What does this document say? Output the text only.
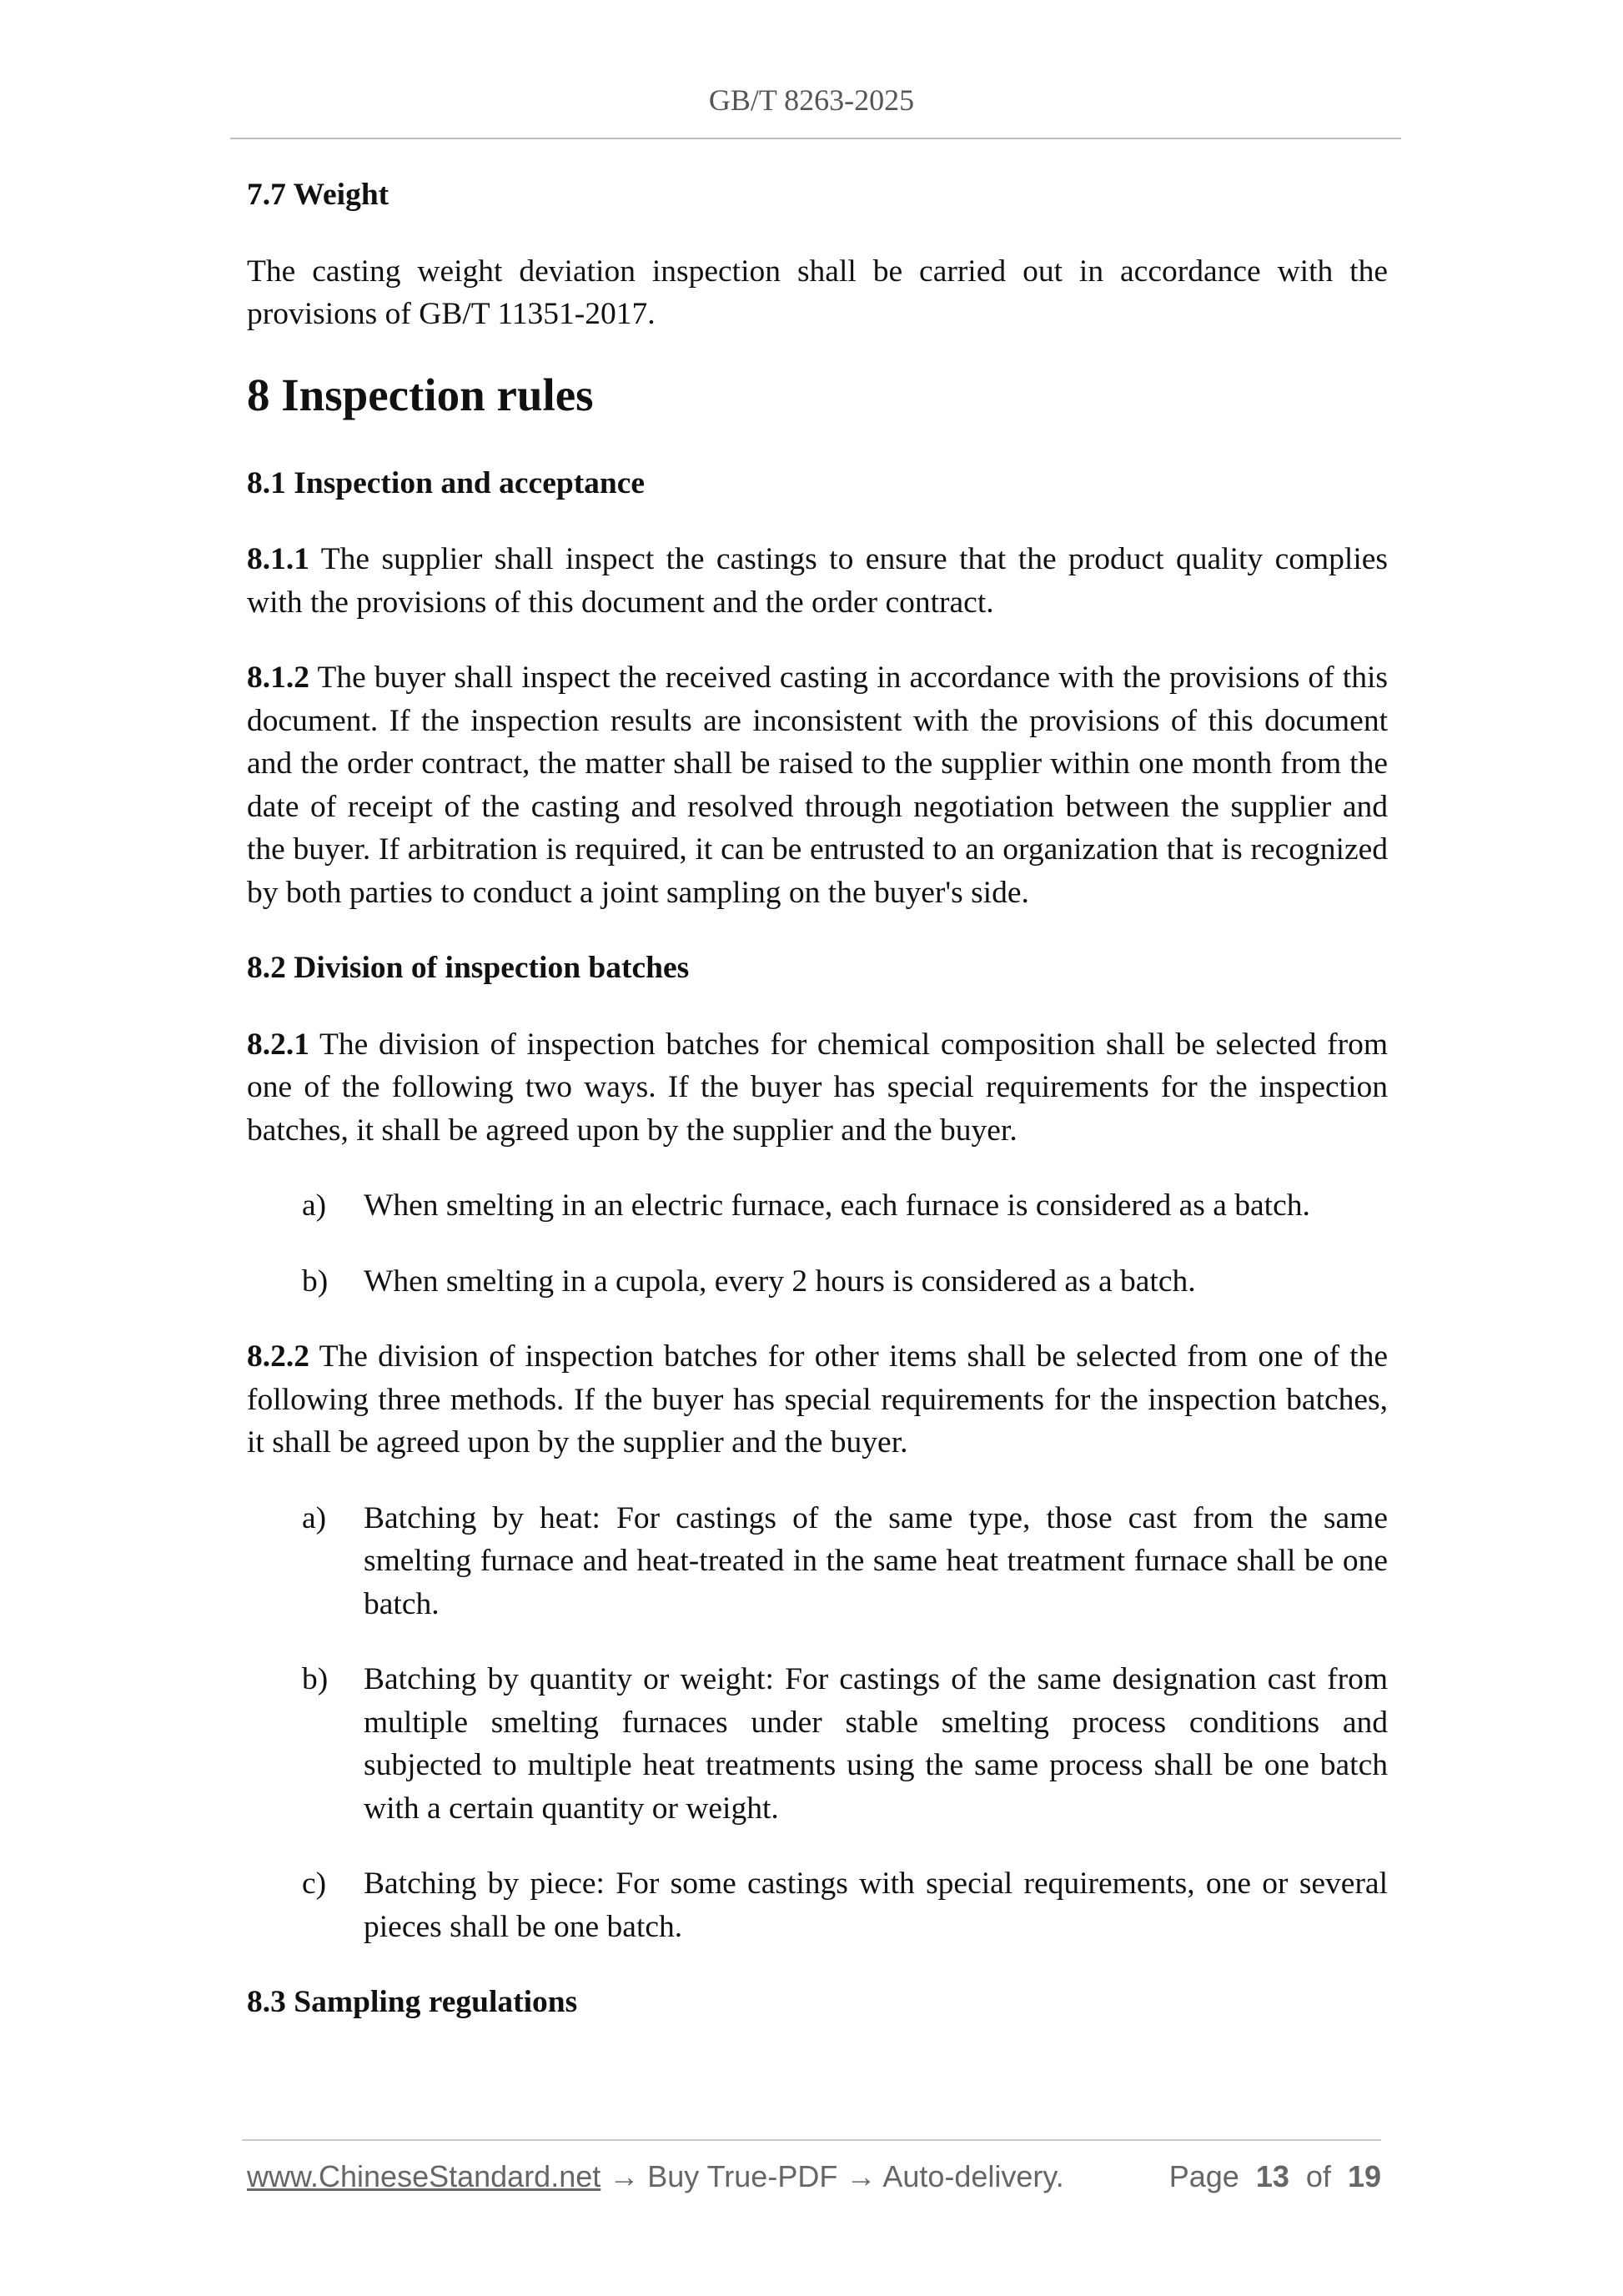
GB/T 8263-2025
7.7 Weight

The casting weight deviation inspection shall be carried out in accordance with the provisions of GB/T 11351-2017.

8 Inspection rules
8.1 Inspection and acceptance

8.1.1 The supplier shall inspect the castings to ensure that the product quality complies with the provisions of this document and the order contract.

8.1.2 The buyer shall inspect the received casting in accordance with the provisions of this document. If the inspection results are inconsistent with the provisions of this document and the order contract, the matter shall be raised to the supplier within one month from the date of receipt of the casting and resolved through negotiation between the supplier and the buyer. If arbitration is required, it can be entrusted to an organization that is recognized by both parties to conduct a joint sampling on the buyer's side.

8.2 Division of inspection batches

8.2.1 The division of inspection batches for chemical composition shall be selected from one of the following two ways. If the buyer has special requirements for the inspection batches, it shall be agreed upon by the supplier and the buyer.

a) When smelting in an electric furnace, each furnace is considered as a batch.
b) When smelting in a cupola, every 2 hours is considered as a batch.

8.2.2 The division of inspection batches for other items shall be selected from one of the following three methods. If the buyer has special requirements for the inspection batches, it shall be agreed upon by the supplier and the buyer.

a) Batching by heat: For castings of the same type, those cast from the same smelting furnace and heat-treated in the same heat treatment furnace shall be one batch.
b) Batching by quantity or weight: For castings of the same designation cast from multiple smelting furnaces under stable smelting process conditions and subjected to multiple heat treatments using the same process shall be one batch with a certain quantity or weight.
c) Batching by piece: For some castings with special requirements, one or several pieces shall be one batch.
8.3 Sampling regulations
www.ChineseStandard.net → Buy True-PDF → Auto-delivery.	Page 13 of 19
